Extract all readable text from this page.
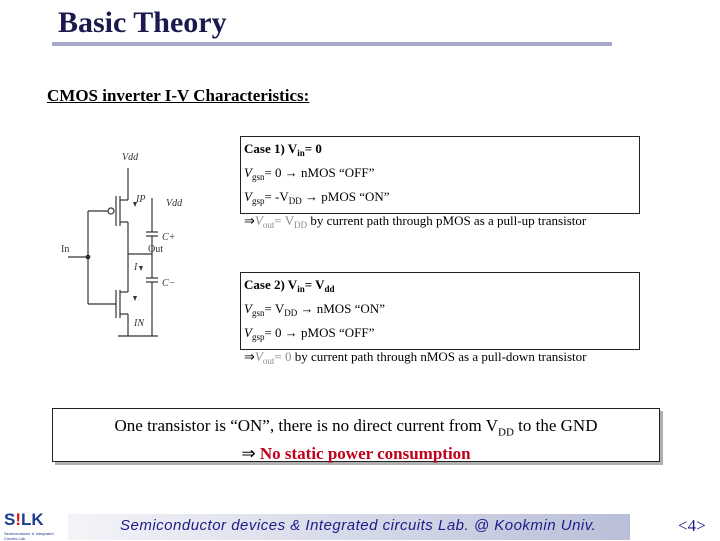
Basic Theory
CMOS inverter I-V Characteristics:
Vdd
IP Vdd
C+
In	Out
I
C−
IN
Case 1) $V_{in}= 0$
$V_{gsn}= 0$ → nMOS “OFF”
$V_{gsp}= -V_{DD}$ → pMOS “ON”
$\Rightarrow V_{out}= V_{DD}$ by current path through pMOS as a pull-up transistor
Case 2) $V_{in}= V_{dd}$
$V_{gsn}= V_{DD}$ → nMOS “ON”
$V_{gsp}= 0$ → pMOS “OFF”
$\Rightarrow V_{out}= 0$ by current path through nMOS as a pull-down transistor
One transistor is “ON”, there is no direct current from $V_{DD}$ to the GND
⇒ No static power consumption
S!LK
Semiconductor & Integrated Circuits Lab
Semiconductor devices & Integrated circuits Lab. @ Kookmin Univ.	<4>
